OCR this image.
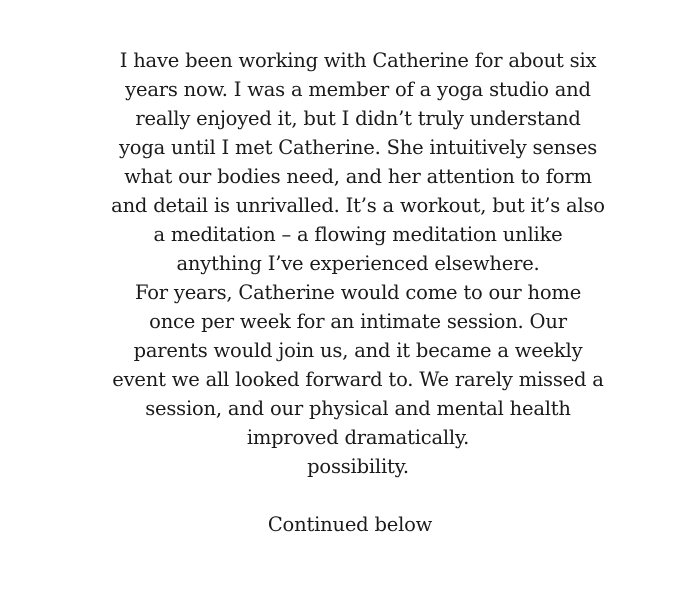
I have been working with Catherine for about six years now. I was a member of a yoga studio and really enjoyed it, but I didn’t truly understand yoga until I met Catherine. She intuitively senses what our bodies need, and her attention to form and detail is unrivalled. It’s a workout, but it’s also a meditation – a flowing meditation unlike anything I’ve experienced elsewhere.

For years, Catherine would come to our home once per week for an intimate session. Our parents would join us, and it became a weekly event we all looked forward to. We rarely missed a session, and our physical and mental health improved dramatically.

possibility.

Continued below
